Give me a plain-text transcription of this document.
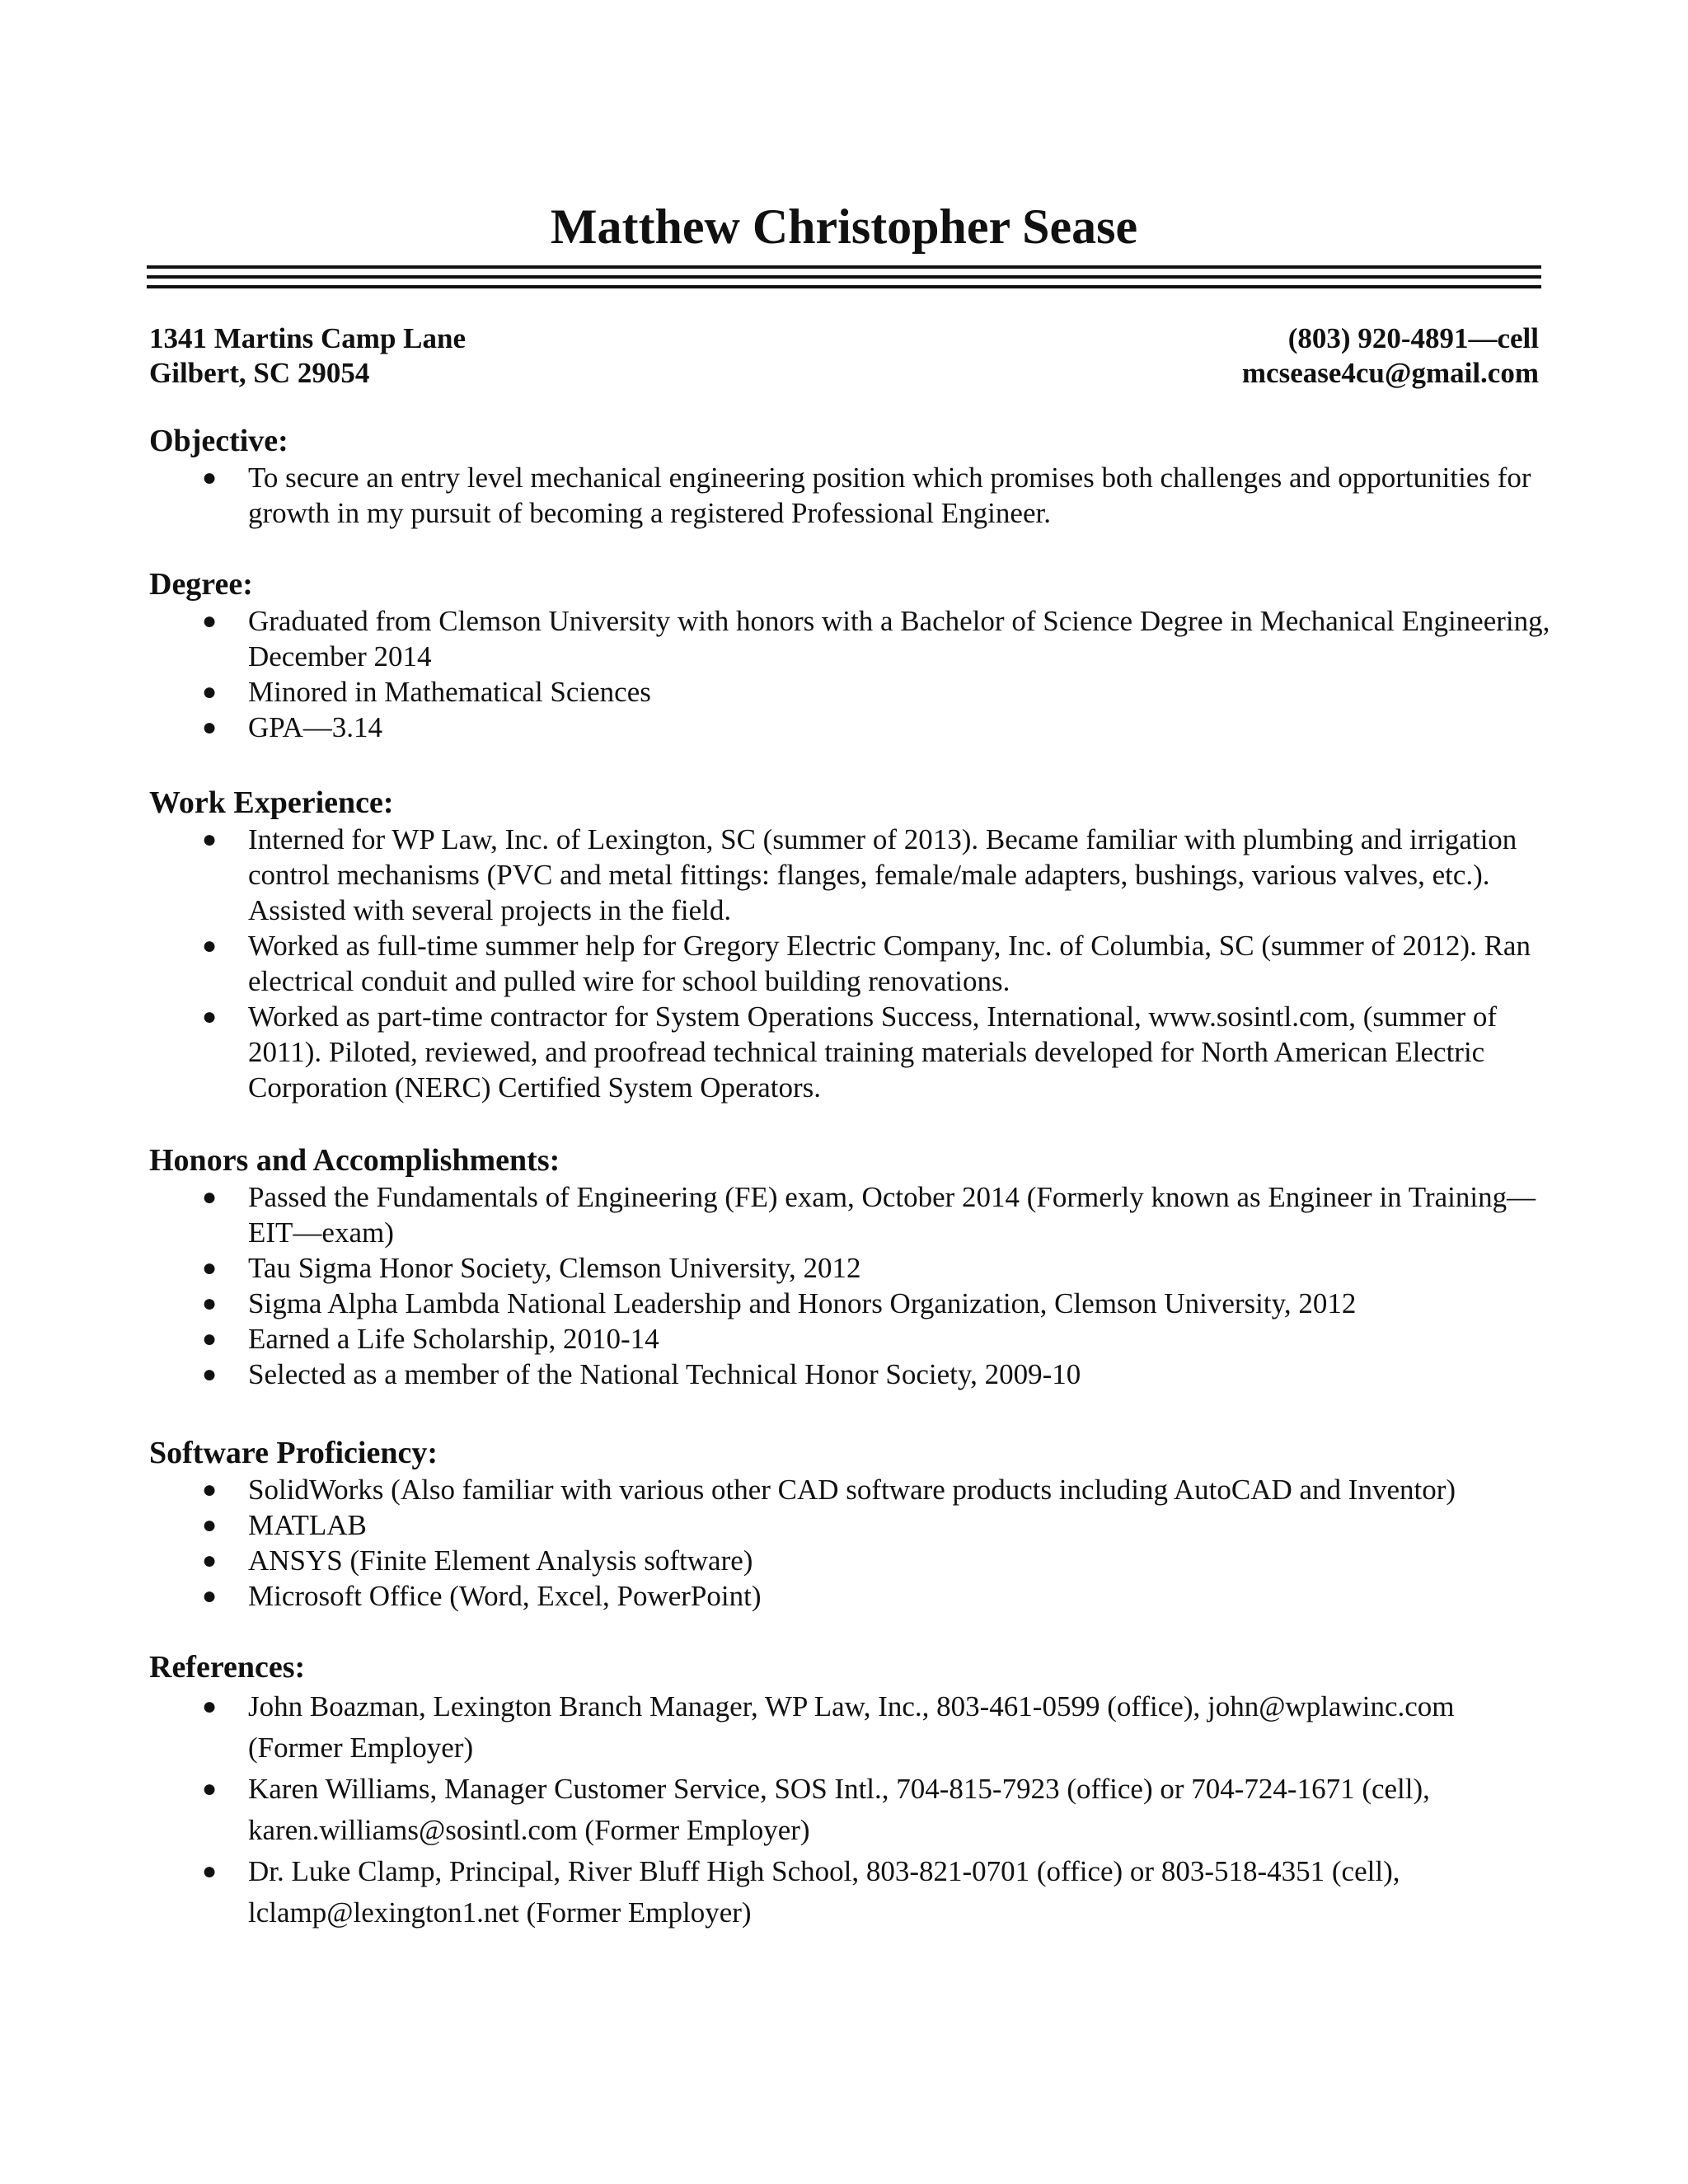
Matthew Christopher Sease
1341 Martins Camp Lane
Gilbert, SC 29054
(803) 920-4891—cell
mcsease4cu@gmail.com
Objective:
● To secure an entry level mechanical engineering position which promises both challenges and opportunities for growth in my pursuit of becoming a registered Professional Engineer.
Degree:
● Graduated from Clemson University with honors with a Bachelor of Science Degree in Mechanical Engineering, December 2014
● Minored in Mathematical Sciences
● GPA—3.14
Work Experience:
● Interned for WP Law, Inc. of Lexington, SC (summer of 2013). Became familiar with plumbing and irrigation control mechanisms (PVC and metal fittings: flanges, female/male adapters, bushings, various valves, etc.). Assisted with several projects in the field.
● Worked as full-time summer help for Gregory Electric Company, Inc. of Columbia, SC (summer of 2012). Ran electrical conduit and pulled wire for school building renovations.
● Worked as part-time contractor for System Operations Success, International, www.sosintl.com, (summer of 2011). Piloted, reviewed, and proofread technical training materials developed for North American Electric Corporation (NERC) Certified System Operators.
Honors and Accomplishments:
● Passed the Fundamentals of Engineering (FE) exam, October 2014 (Formerly known as Engineer in Training—EIT—exam)
● Tau Sigma Honor Society, Clemson University, 2012
● Sigma Alpha Lambda National Leadership and Honors Organization, Clemson University, 2012
● Earned a Life Scholarship, 2010-14
● Selected as a member of the National Technical Honor Society, 2009-10
Software Proficiency:
● SolidWorks (Also familiar with various other CAD software products including AutoCAD and Inventor)
● MATLAB
● ANSYS (Finite Element Analysis software)
● Microsoft Office (Word, Excel, PowerPoint)
References:
● John Boazman, Lexington Branch Manager, WP Law, Inc., 803-461-0599 (office), john@wplawinc.com (Former Employer)
● Karen Williams, Manager Customer Service, SOS Intl., 704-815-7923 (office) or 704-724-1671 (cell), karen.williams@sosintl.com (Former Employer)
● Dr. Luke Clamp, Principal, River Bluff High School, 803-821-0701 (office) or 803-518-4351 (cell), lclamp@lexington1.net (Former Employer)
